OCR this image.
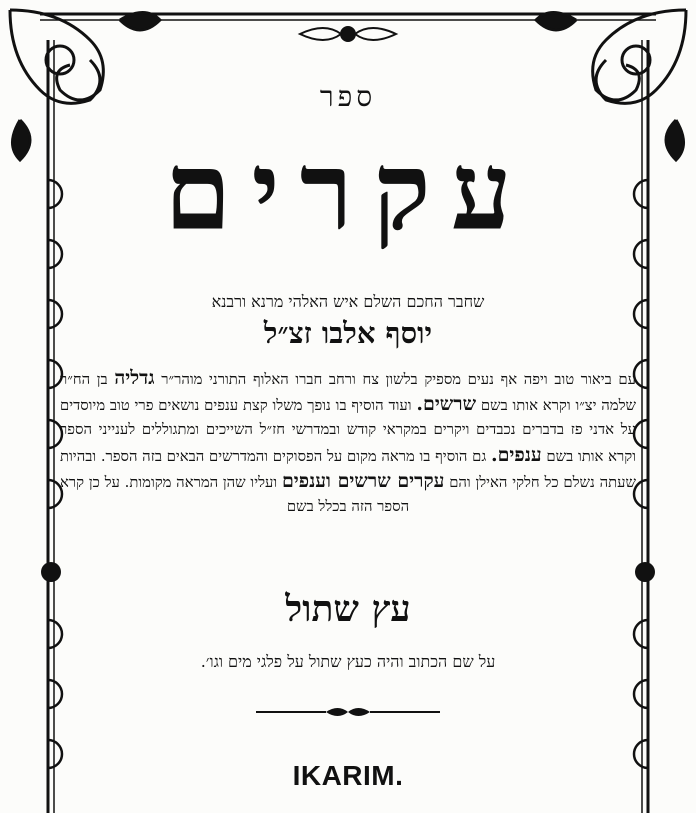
ספר
עקרים
שחבר החכם השלם איש האלהי מרנא ורבנא
יוסף אלבו זצ״ל
עם ביאור טוב ויפה אף נעים מספיק בלשון צח ורחב חברו האלוף התורני מוהר״ר גדליה בן הח״ר שלמה יצ״ו וקרא אותו בשם שרשים. ועוד הוסיף בו נופך משלו קצת ענפים נושאים פרי טוב מיוסדים על אדני פז בדברים נכבדים ויקרים במקראי קודש ובמדרשי חז״ל השייכים ומתגוללים לענייני הספר וקרא אותו בשם ענפים. גם הוסיף בו מראה מקום על הפסוקים והמדרשים הבאים בזה הספר. ובהיות שעתה נשלם כל חלקי האילן והם עקרים שרשים וענפים ועליו שהן המראה מקומות. על כן קרא הספר הזה בכלל בשם
עץ שתול
על שם הכתוב והיה כעץ שתול על פלגי מים וגו׳.
IKARIM.
